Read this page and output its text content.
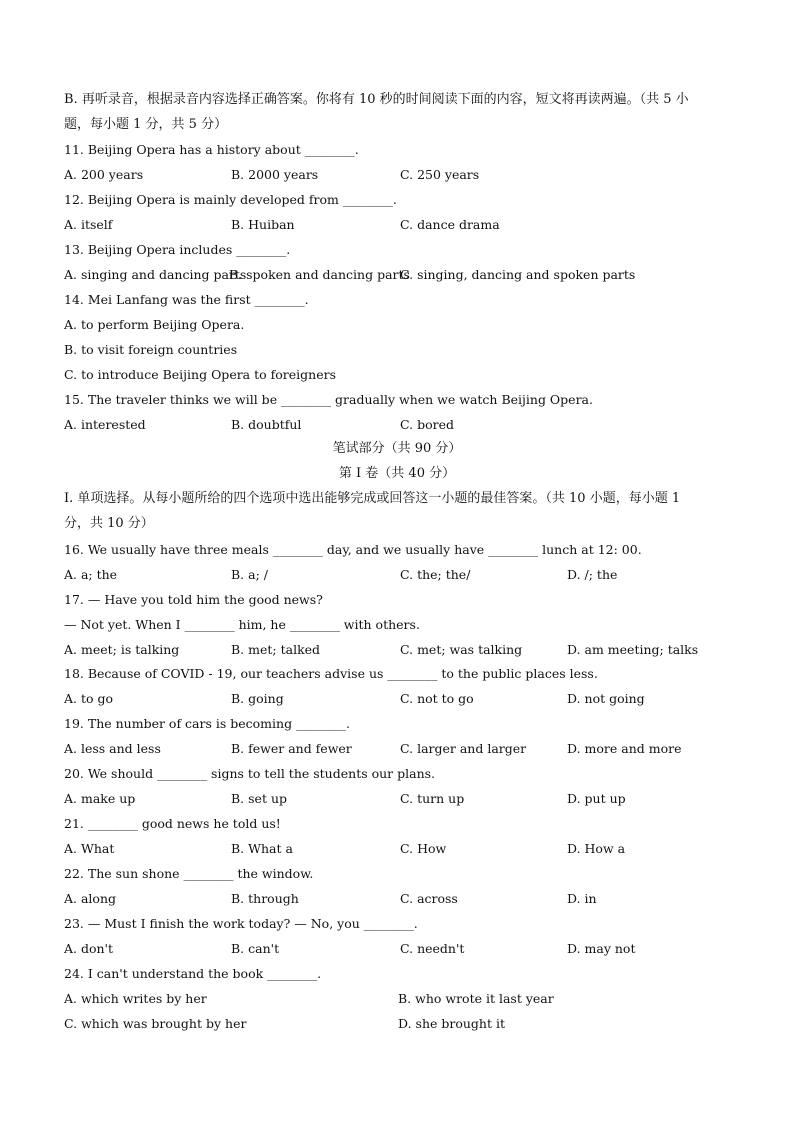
B. 再听录音，根据录音内容选择正确答案。你将有 10 秒的时间阅读下面的内容，短文将再读两遍。（共 5 小
题，每小题 1 分，共 5 分）
11. Beijing Opera has a history about ________.
A. 200 years	B. 2000 years	C. 250 years
12. Beijing Opera is mainly developed from ________.
A. itself	B. Huiban	C. dance drama
13. Beijing Opera includes ________.
A. singing and dancing parts
B. spoken and dancing parts
C. singing, dancing and spoken parts
14. Mei Lanfang was the first ________.
A. to perform Beijing Opera.
B. to visit foreign countries
C. to introduce Beijing Opera to foreigners
15. The traveler thinks we will be ________ gradually when we watch Beijing Opera.
A. interested	B. doubtful	C. bored
笔试部分（共 90 分）
第 I 卷（共 40 分）
I. 单项选择。从每小题所给的四个选项中选出能够完成或回答这一小题的最佳答案。（共 10 小题，每小题 1
分，共 10 分）
16. We usually have three meals ________ day, and we usually have ________ lunch at 12: 00.
A. a; the	B. a; /	C. the; the/	D. /; the
17. — Have you told him the good news?
— Not yet. When I ________ him, he ________ with others.
A. meet; is talking	B. met; talked	C. met; was talking	D. am meeting; talks
18. Because of COVID - 19, our teachers advise us ________ to the public places less.
A. to go	B. going	C. not to go	D. not going
19. The number of cars is becoming ________.
A. less and less	B. fewer and fewer	C. larger and larger	D. more and more
20. We should ________ signs to tell the students our plans.
A. make up	B. set up	C. turn up	D. put up
21. ________ good news he told us!
A. What	B. What a	C. How	D. How a
22. The sun shone ________ the window.
A. along	B. through	C. across	D. in
23. — Must I finish the work today? — No, you ________.
A. don't	B. can't	C. needn't	D. may not
24. I can't understand the book ________.
A. which writes by her	B. who wrote it last year
C. which was brought by her	D. she brought it
